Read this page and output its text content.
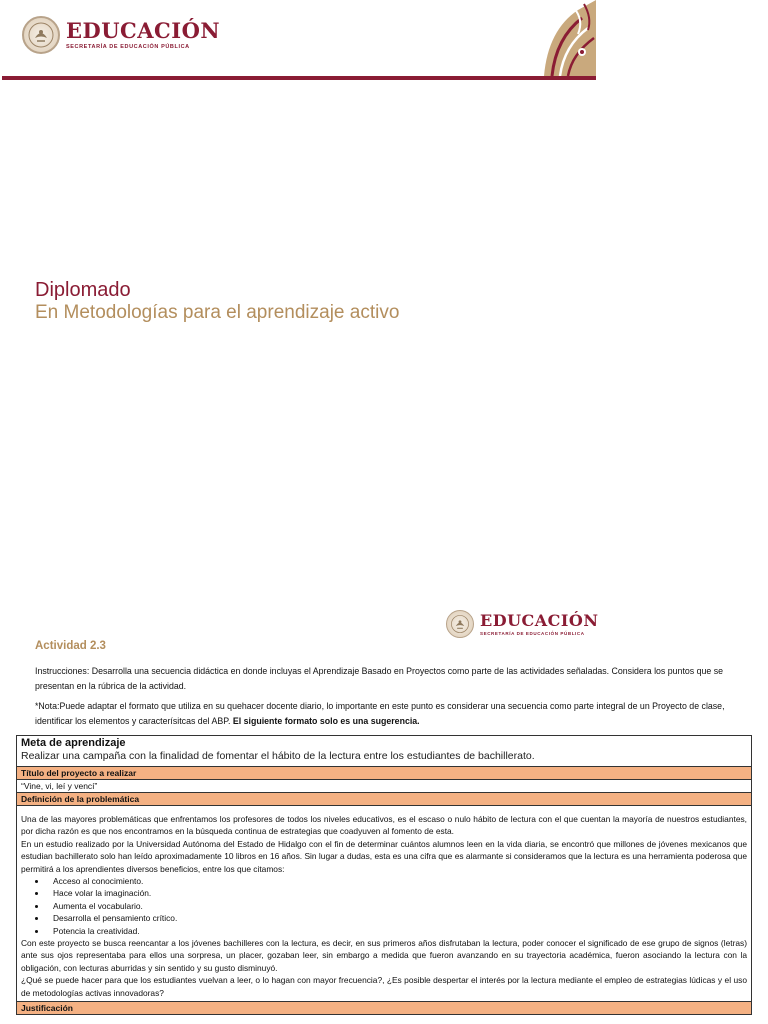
EDUCACIÓN
SECRETARÍA DE EDUCACIÓN PÚBLICA
Diplomado
En Metodologías para el aprendizaje activo
EDUCACIÓN
SECRETARÍA DE EDUCACIÓN PÚBLICA
Actividad 2.3
Instrucciones: Desarrolla una secuencia didáctica en donde incluyas el Aprendizaje Basado en Proyectos como parte de las actividades señaladas. Considera los puntos que se presentan en la rúbrica de la actividad.
*Nota:Puede adaptar el formato que utiliza en su quehacer docente diario, lo importante en este punto es considerar una secuencia como parte integral de un Proyecto de clase, identificar los elementos y caracterísitcas del ABP. El siguiente formato solo es una sugerencia.
Meta de aprendizaje
Realizar una campaña con la finalidad de fomentar el hábito de la lectura entre los estudiantes de bachillerato.

Título del proyecto a realizar
“Vine, vi, leí y vencí”
Definición de la problemática

Una de las mayores problemáticas que enfrentamos los profesores de todos los niveles educativos, es el escaso o nulo hábito de lectura con el que cuentan la mayoría de nuestros estudiantes, por dicha razón es que nos encontramos en la búsqueda continua de estrategias que coadyuven al fomento de esta.

En un estudio realizado por la Universidad Autónoma del Estado de Hidalgo con el fin de determinar cuántos alumnos leen en la vida diaria, se encontró que millones de jóvenes mexicanos que estudian bachillerato solo han leído aproximadamente 10 libros en 16 años. Sin lugar a dudas, esta es una cifra que es alarmante si consideramos que la lectura es una herramienta poderosa que permitirá a los aprendientes diversos beneficios, entre los que citamos:

• Acceso al conocimiento.
• Hace volar la imaginación.
• Aumenta el vocabulario.
• Desarrolla el pensamiento crítico.
• Potencia la creatividad.

Con este proyecto se busca reencantar a los jóvenes bachilleres con la lectura, es decir, en sus primeros años disfrutaban la lectura, poder conocer el significado de ese grupo de signos (letras) ante sus ojos representaba para ellos una sorpresa, un placer, gozaban leer, sin embargo a medida que fueron avanzando en su trayectoria académica, fueron asociando la lectura con la obligación, con lecturas aburridas y sin sentido y su gusto disminuyó.

¿Qué se puede hacer para que los estudiantes vuelvan a leer, o lo hagan con mayor frecuencia?, ¿Es posible despertar el interés por la lectura mediante el empleo de estrategias lúdicas y el uso de metodologías activas innovadoras?

Justificación
